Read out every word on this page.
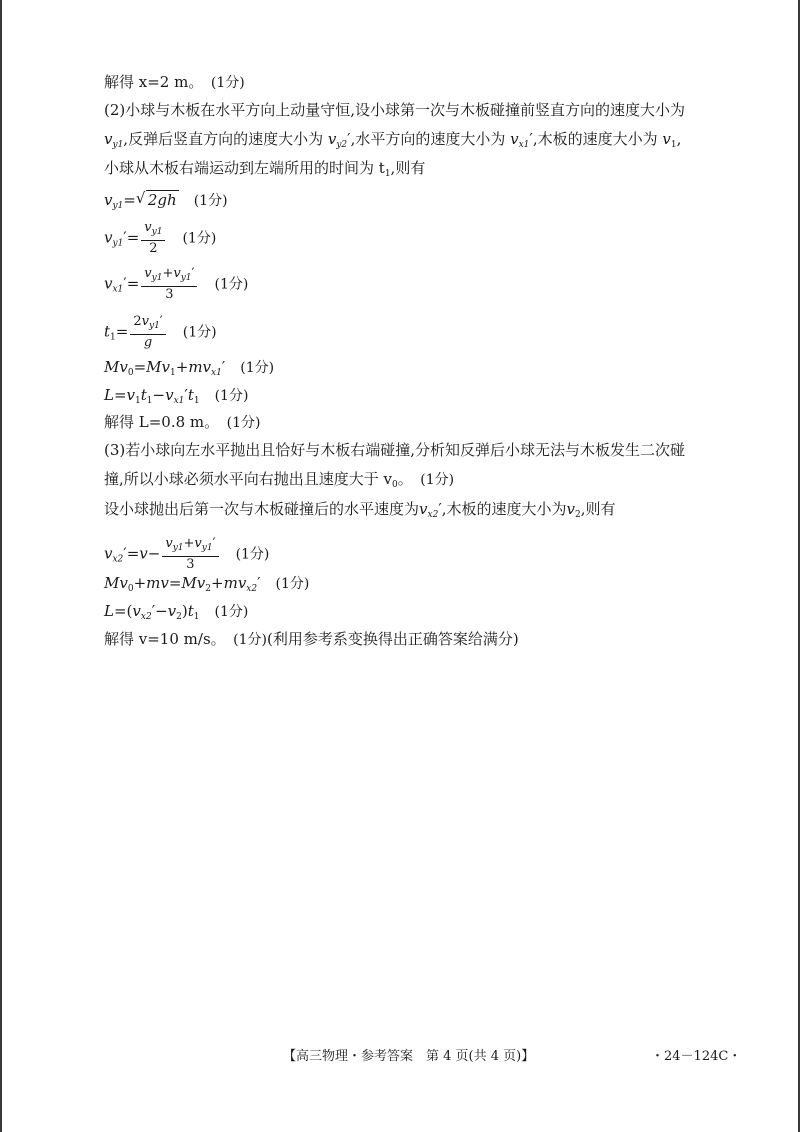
解得 x=2 m。　 (1分)
(2)小球与木板在水平方向上动量守恒,设小球第一次与木板碰撞前竖直方向的速度大小为
$v_{y1}$,反弹后竖直方向的速度大小为 $v_{y2}'$,水平方向的速度大小为 $v_{x1}'$,木板的速度大小为 $v_1$,
小球从木板右端运动到左端所用的时间为 $t_1$,则有
$v_{y1}=√$ 2gh　 (1分)
$v_{y1}'= \frac{v_{y1}}{2}$
　 (1分)
$v_{x1}'= \frac{v_{y1}+v_{y1}'}{3}$
　 (1分)
$t_1= \frac{2v_{y1}'}{g}$
　 (1分)
$Mv_0=Mv_1+mv_{x1}'$　(1分)
$L=v_1t_1-v_{x1}'t_1$　 (1分)
解得 L=0.8 m。　 (1分)
(3)若小球向左水平抛出且恰好与木板右端碰撞,分析知反弹后小球无法与木板发生二次碰
撞,所以小球必须水平向右抛出且速度大于 $v_0$。　 (1分)
设小球抛出后第一次与木板碰撞后的水平速度为$v_{x2}'$,木板的速度大小为$v_2$,则有
$v_{x2}'=v- \frac{v_{y1}+v_{y1}'}{3}$
　 (1分)
$Mv_0+mv=Mv_2+mv_{x2}'$　(1分)
$L=(v_{x2}'-v_2)t_1$　 (1分)
解得 v=10 m/s。　 (1分)(利用参考系变换得出正确答案给满分)
【高三物理・参考答案　第 4 页(共 4 页)】	・24－124C・
